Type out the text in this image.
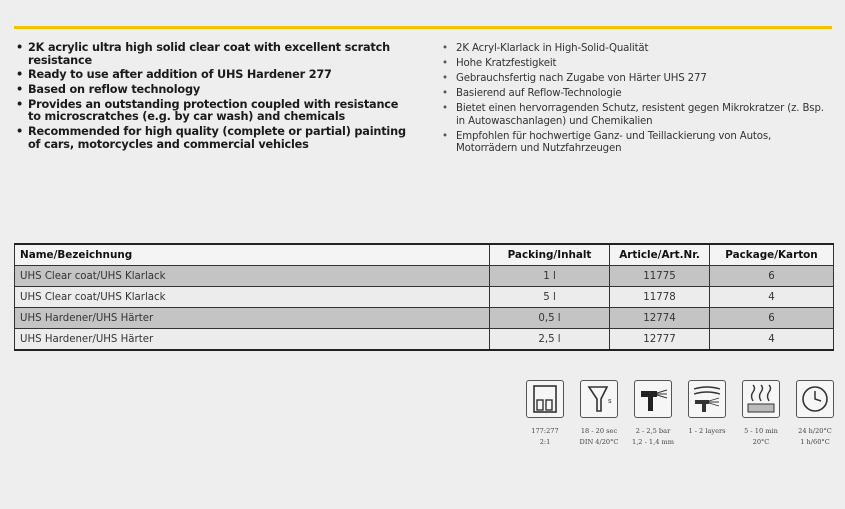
• 2K acrylic ultra high solid clear coat with excellent scratch resistance
• Ready to use after addition of UHS Hardener 277
• Based on reflow technology
• Provides an outstanding protection coupled with resistance to microscratches (e.g. by car wash) and chemicals
• Recommended for high quality (complete or partial) painting of cars, motorcycles and commercial vehicles
• 2K Acryl-Klarlack in High-Solid-Qualität
• Hohe Kratzfestigkeit
• Gebrauchsfertig nach Zugabe von Härter UHS 277
• Basierend auf Reflow-Technologie
• Bietet einen hervorragenden Schutz, resistent gegen Mikrokratzer (z. Bsp. in Autowaschanlagen) und Chemikalien
• Empfohlen für hochwertige Ganz- und Teillackierung von Autos, Motorrädern und Nutzfahrzeugen
Name/Bezeichnung	Packing/Inhalt	Article/Art.Nr.	Package/Karton
UHS Clear coat/UHS Klarlack	1 l	11775	6
UHS Clear coat/UHS Klarlack	5 l	11778	4
UHS Hardener/UHS Härter	0,5 l	12774	6
UHS Hardener/UHS Härter	2,5 l	12777	4
177:277
2:1
s
18 - 20 sec
DIN 4/20°C
2 - 2,5 bar
1,2 - 1,4 mm
1 - 2 layers	5 - 10 min
20°C
24 h/20°C
1 h/60°C
